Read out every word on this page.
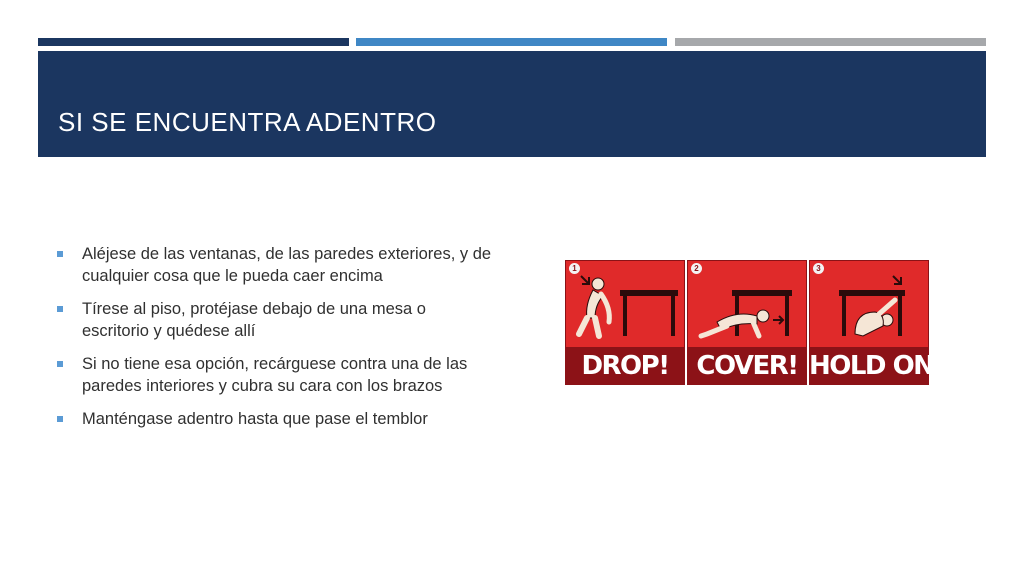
SI SE ENCUENTRA ADENTRO
Aléjese de las ventanas, de las paredes exteriores, y de cualquier cosa que le pueda caer encima
Tírese al piso, protéjase debajo de una mesa o escritorio y quédese allí
Si no tiene esa opción, recárguese contra una de las paredes interiores y cubra su cara con los brazos
Manténgase adentro hasta que pase el temblor
1
DROP!
2
COVER!
3
HOLD ON!
